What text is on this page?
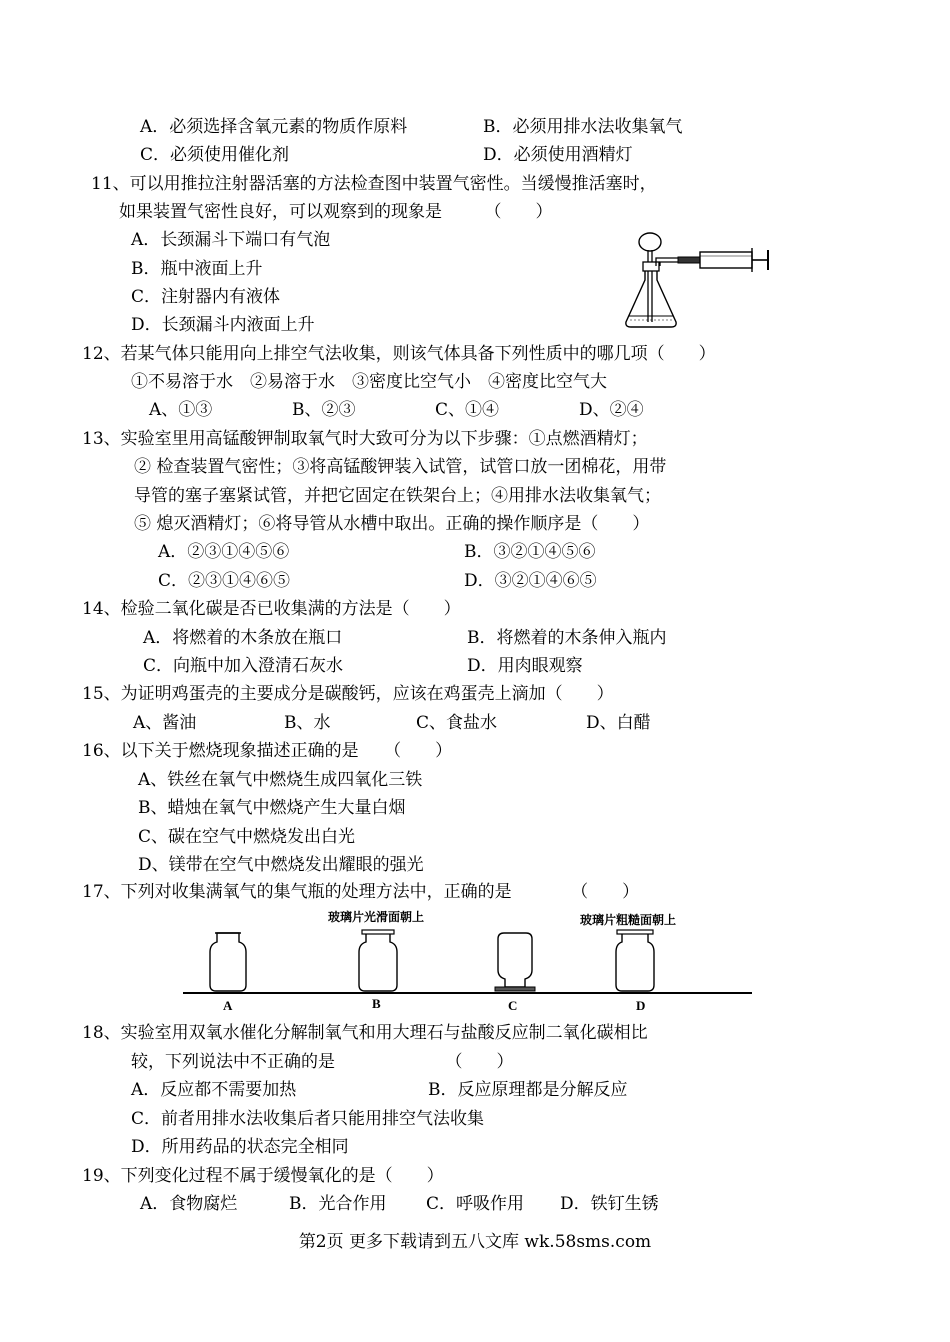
A．必须选择含氧元素的物质作原料	B．必须用排水法收集氧气
C．必须使用催化剂	D．必须使用酒精灯
11、可以用推拉注射器活塞的方法检查图中装置气密性。当缓慢推活塞时，
如果装置气密性良好，可以观察到的现象是　　　（　　）
A．长颈漏斗下端口有气泡
B．瓶中液面上升
C．注射器内有液体
D．长颈漏斗内液面上升
12、若某气体只能用向上排空气法收集，则该气体具备下列性质中的哪几项（　　）
①不易溶于水　②易溶于水　③密度比空气小　④密度比空气大
A、①③	B、②③	C、①④	D、②④
13、实验室里用高锰酸钾制取氧气时大致可分为以下步骤：①点燃酒精灯；
② 检查装置气密性；③将高锰酸钾装入试管，试管口放一团棉花，用带
导管的塞子塞紧试管，并把它固定在铁架台上；④用排水法收集氧气；
⑤ 熄灭酒精灯；⑥将导管从水槽中取出。正确的操作顺序是（　　）
A．②③①④⑤⑥	B．③②①④⑤⑥
C．②③①④⑥⑤	D．③②①④⑥⑤
14、检验二氧化碳是否已收集满的方法是（　　）
A．将燃着的木条放在瓶口	B．将燃着的木条伸入瓶内
C．向瓶中加入澄清石灰水	D．用肉眼观察
15、为证明鸡蛋壳的主要成分是碳酸钙，应该在鸡蛋壳上滴加（　　）
A、酱油	B、水	C、食盐水	D、白醋
16、以下关于燃烧现象描述正确的是　　（　　）
A、铁丝在氧气中燃烧生成四氧化三铁
B、蜡烛在氧气中燃烧产生大量白烟
C、碳在空气中燃烧发出白光
D、镁带在空气中燃烧发出耀眼的强光
17、下列对收集满氧气的集气瓶的处理方法中，正确的是　　　　（　　）
玻璃片光滑面朝上	玻璃片粗糙面朝上
A	B	C	D
18、实验室用双氧水催化分解制氧气和用大理石与盐酸反应制二氧化碳相比
较，下列说法中不正确的是　　　　　　　（　　）
A．反应都不需要加热	B．反应原理都是分解反应
C．前者用排水法收集后者只能用排空气法收集
D．所用药品的状态完全相同
19、下列变化过程不属于缓慢氧化的是（　　）
A．食物腐烂	B．光合作用 C．呼吸作用 D．铁钉生锈
第2页 更多下载请到五八文库 wk.58sms.com
